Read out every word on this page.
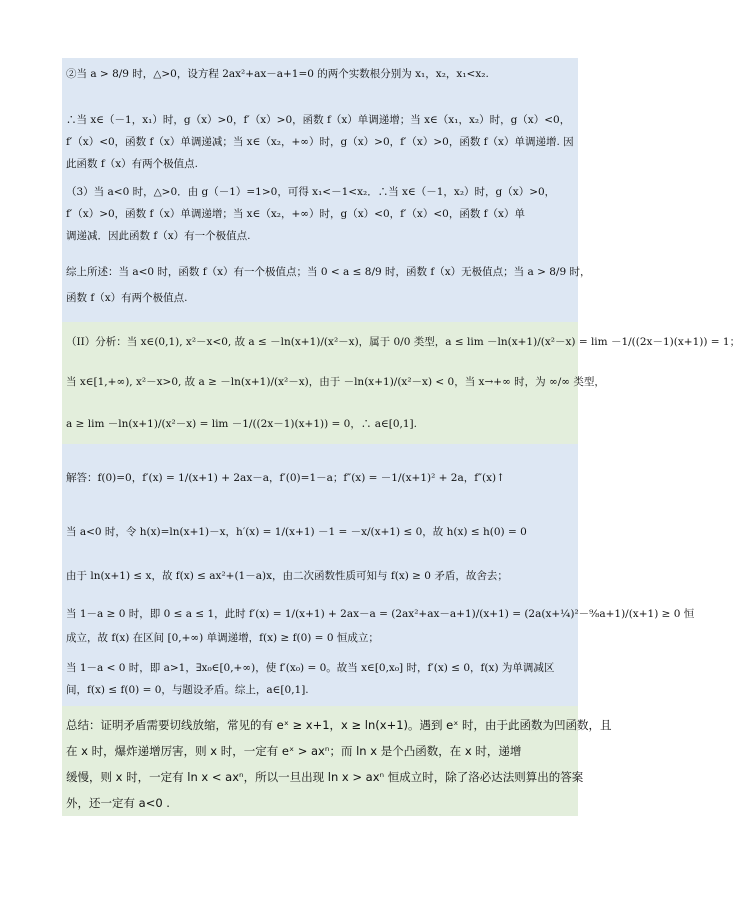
②当 a > 8/9 时，△>0，设方程 2ax²+ax－a+1=0 的两个实数根分别为 x₁，x₂，x₁<x₂.
∴当 x∈（－1，x₁）时，g（x）>0，f′（x）>0，函数 f（x）单调递增；当 x∈（x₁，x₂）时，g（x）<0，
f′（x）<0，函数 f（x）单调递减；当 x∈（x₂，+∞）时，g（x）>0，f′（x）>0，函数 f（x）单调递增. 因
此函数 f（x）有两个极值点.
（3）当 a<0 时，△>0．由 g（－1）=1>0，可得 x₁<－1<x₂．∴当 x∈（－1，x₂）时，g（x）>0，
f′（x）>0，函数 f（x）单调递增；当 x∈（x₂，+∞）时，g（x）<0，f′（x）<0，函数 f（x）单
调递减．因此函数 f（x）有一个极值点.
综上所述：当 a<0 时，函数 f（x）有一个极值点；当 0 < a ≤ 8/9 时，函数 f（x）无极值点；当 a > 8/9 时，
函数 f（x）有两个极值点.
（II）分析：当 x∈(0,1), x²－x<0, 故 a ≤ －ln(x+1)/(x²－x)，属于 0/0 类型，a ≤ lim －ln(x+1)/(x²－x) = lim －1/((2x－1)(x+1)) = 1；
当 x∈[1,+∞), x²－x>0, 故 a ≥ －ln(x+1)/(x²－x)，由于 －ln(x+1)/(x²－x) < 0，当 x→+∞ 时，为 ∞/∞ 类型，
a ≥ lim －ln(x+1)/(x²－x) = lim －1/((2x－1)(x+1)) = 0，∴ a∈[0,1].
解答：f(0)=0，f′(x) = 1/(x+1) + 2ax－a，f′(0)=1－a；f″(x) = －1/(x+1)² + 2a，f″(x)↑
当 a<0 时，令 h(x)=ln(x+1)－x，h′(x) = 1/(x+1) －1 = －x/(x+1) ≤ 0，故 h(x) ≤ h(0) = 0
由于 ln(x+1) ≤ x，故 f(x) ≤ ax²+(1－a)x，由二次函数性质可知与 f(x) ≥ 0 矛盾，故舍去；
当 1－a ≥ 0 时，即 0 ≤ a ≤ 1，此时 f′(x) = 1/(x+1) + 2ax－a = (2ax²+ax－a+1)/(x+1) = (2a(x+¼)²－⁹⁄₈a+1)/(x+1) ≥ 0 恒
成立，故 f(x) 在区间 [0,+∞) 单调递增，f(x) ≥ f(0) = 0 恒成立；
当 1－a < 0 时，即 a>1，∃x₀∈[0,+∞)，使 f′(x₀) = 0。故当 x∈[0,x₀] 时，f′(x) ≤ 0，f(x) 为单调减区
间，f(x) ≤ f(0) = 0，与题设矛盾。综上，a∈[0,1].
总结：证明矛盾需要切线放缩，常见的有 eˣ ≥ x+1，x ≥ ln(x+1)。遇到 eˣ 时，由于此函数为凹函数，且
在 x 时，爆炸递增厉害，则 x 时，一定有 eˣ > axⁿ；而 ln x 是个凸函数，在 x 时，递增
缓慢，则 x 时，一定有 ln x < axⁿ，所以一旦出现 ln x > axⁿ 恒成立时，除了洛必达法则算出的答案
外，还一定有 a<0 .
